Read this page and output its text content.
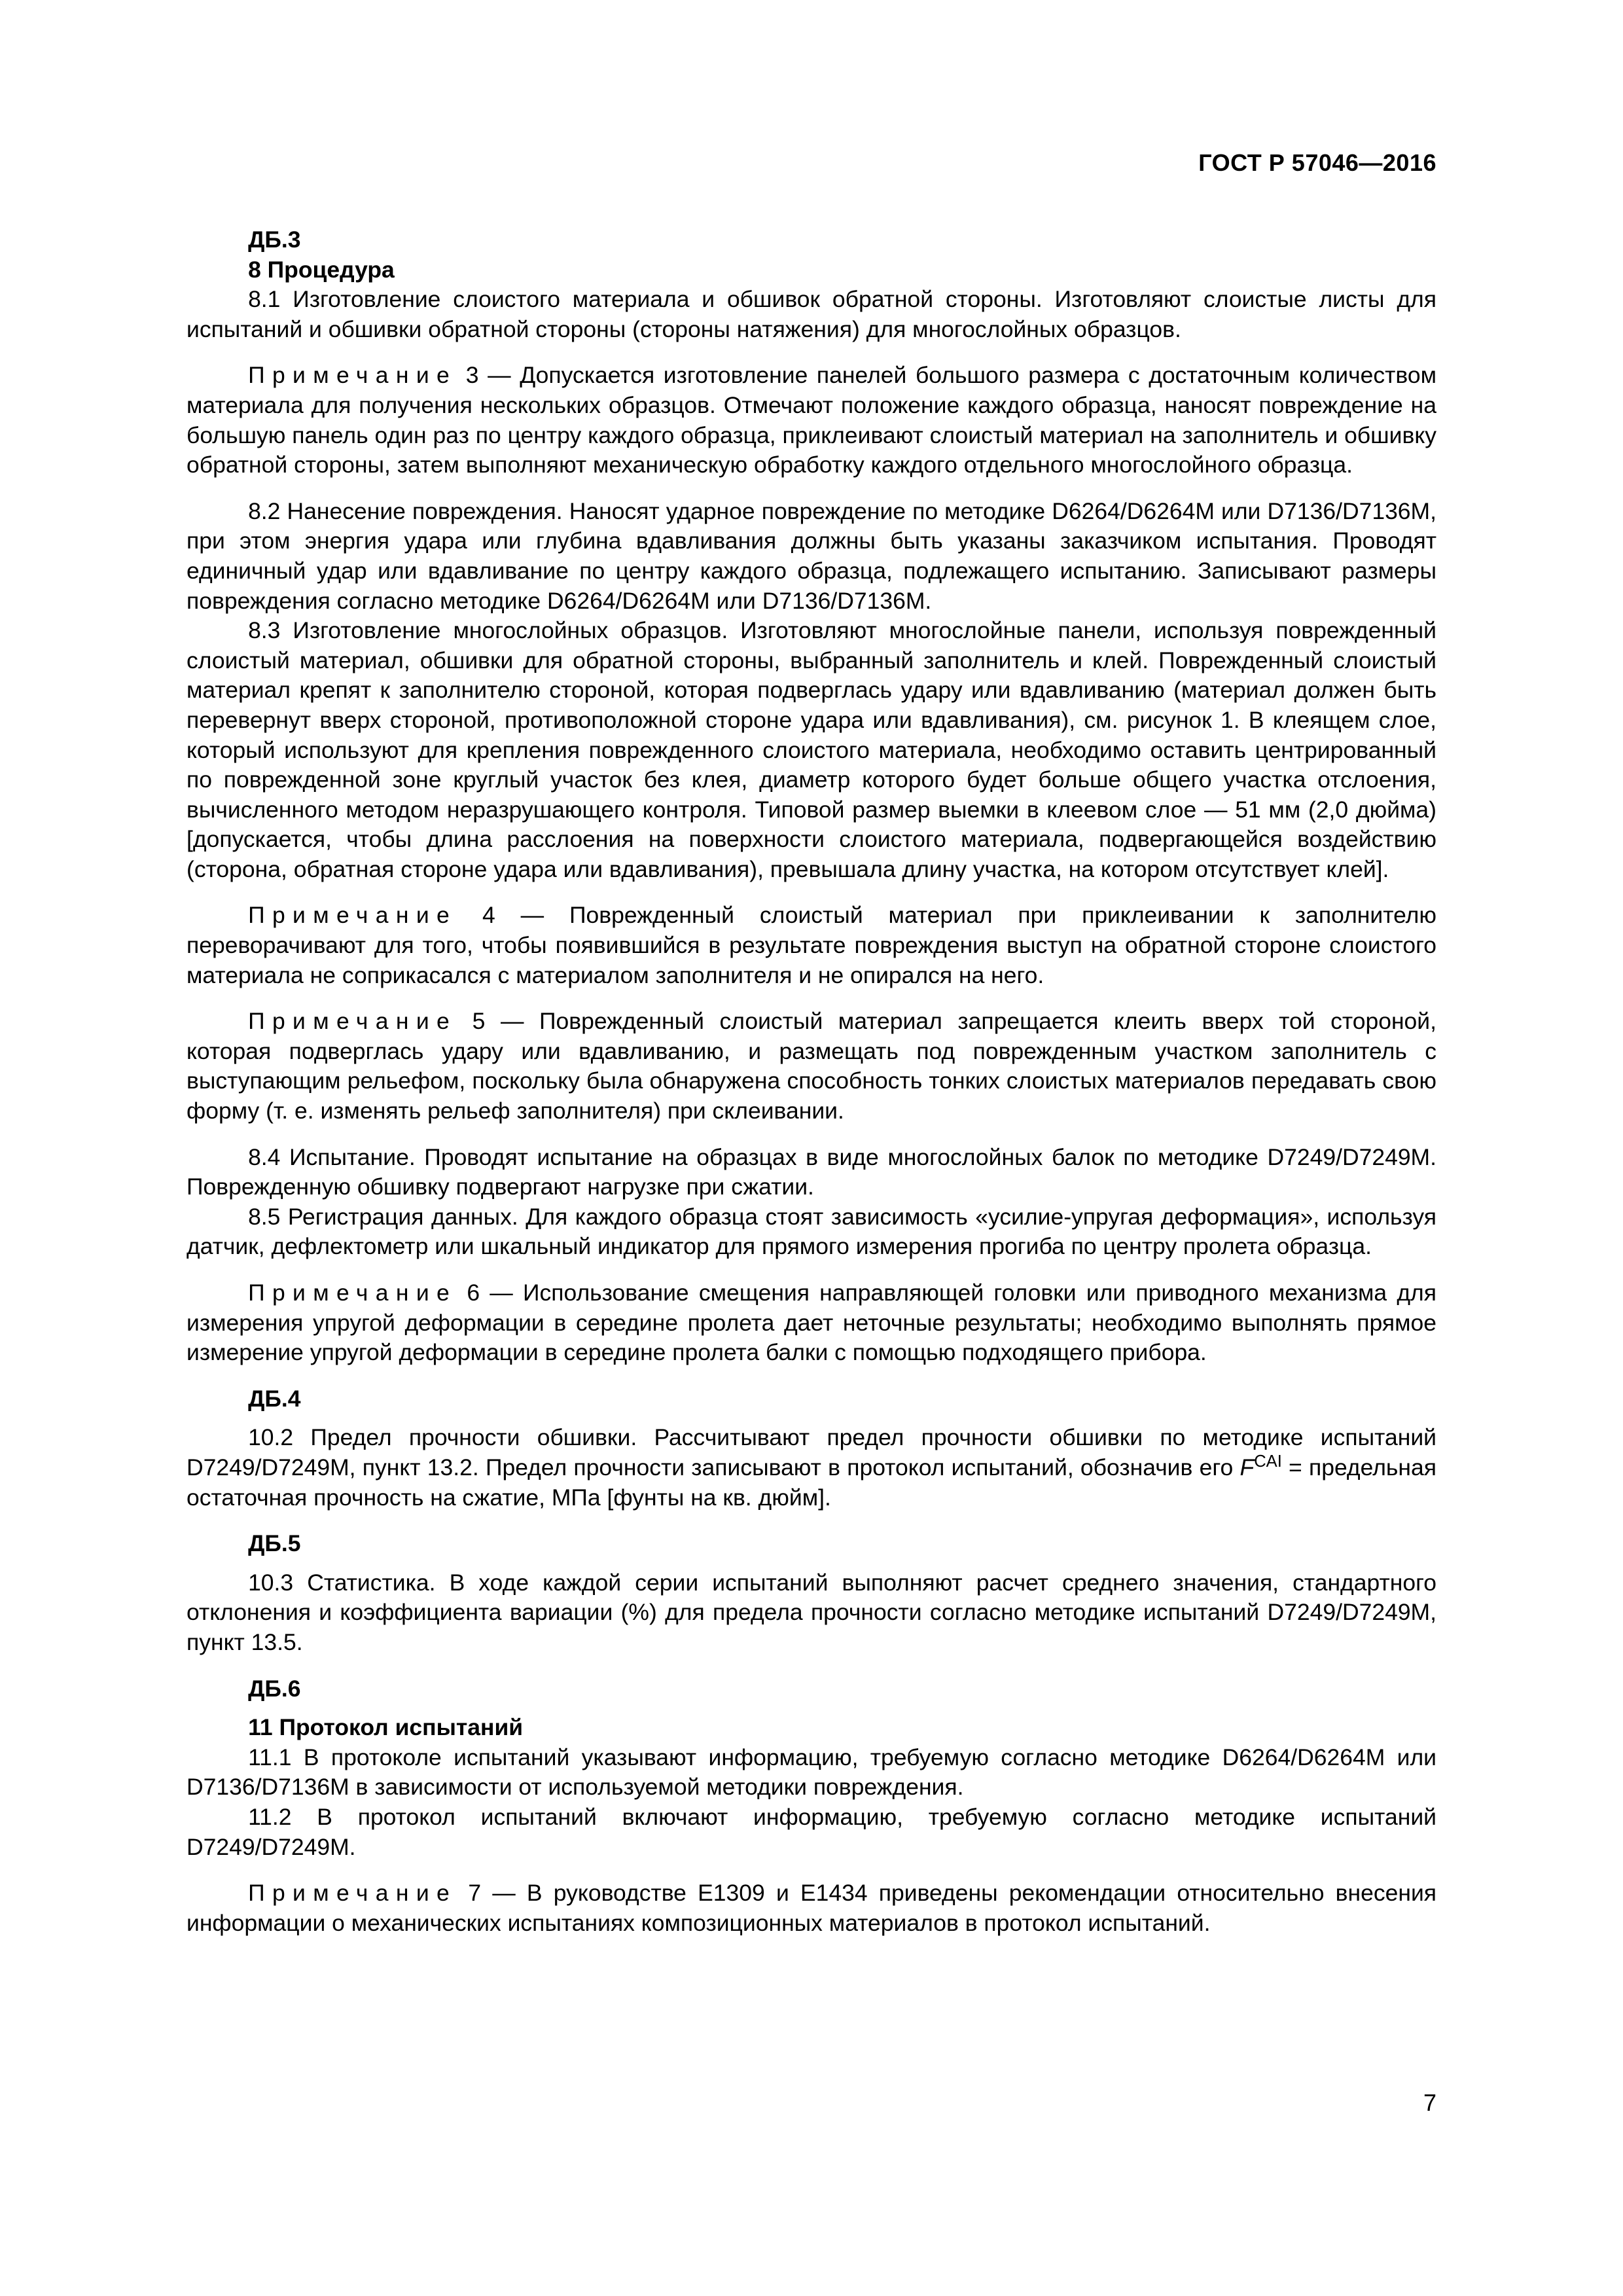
ГОСТ Р 57046—2016
ДБ.3
8 Процедура

8.1 Изготовление слоистого материала и обшивок обратной стороны. Изготовляют слоистые листы для испытаний и обшивки обратной стороны (стороны натяжения) для многослойных образцов.

Примечание 3 — Допускается изготовление панелей большого размера с достаточным количеством материала для получения нескольких образцов. Отмечают положение каждого образца, наносят повреждение на большую панель один раз по центру каждого образца, приклеивают слоистый материал на заполнитель и обшивку обратной стороны, затем выполняют механическую обработку каждого отдельного многослойного образца.

8.2 Нанесение повреждения. Наносят ударное повреждение по методике D6264/D6264M или D7136/D7136M, при этом энергия удара или глубина вдавливания должны быть указаны заказчиком испытания. Проводят единичный удар или вдавливание по центру каждого образца, подлежащего испытанию. Записывают размеры повреждения согласно методике D6264/D6264M или D7136/D7136M.

8.3 Изготовление многослойных образцов. Изготовляют многослойные панели, используя поврежденный слоистый материал, обшивки для обратной стороны, выбранный заполнитель и клей. Поврежденный слоистый материал крепят к заполнителю стороной, которая подверглась удару или вдавливанию (материал должен быть перевернут вверх стороной, противоположной стороне удара или вдавливания), см. рисунок 1. В клеящем слое, который используют для крепления поврежденного слоистого материала, необходимо оставить центрированный по поврежденной зоне круглый участок без клея, диаметр которого будет больше общего участка отслоения, вычисленного методом неразрушающего контроля. Типовой размер выемки в клеевом слое — 51 мм (2,0 дюйма) [допускается, чтобы длина расслоения на поверхности слоистого материала, подвергающейся воздействию (сторона, обратная стороне удара или вдавливания), превышала длину участка, на котором отсутствует клей].

Примечание 4 — Поврежденный слоистый материал при приклеивании к заполнителю переворачивают для того, чтобы появившийся в результате повреждения выступ на обратной стороне слоистого материала не соприкасался с материалом заполнителя и не опирался на него.

Примечание 5 — Поврежденный слоистый материал запрещается клеить вверх той стороной, которая подверглась удару или вдавливанию, и размещать под поврежденным участком заполнитель с выступающим рельефом, поскольку была обнаружена способность тонких слоистых материалов передавать свою форму (т. е. изменять рельеф заполнителя) при склеивании.

8.4 Испытание. Проводят испытание на образцах в виде многослойных балок по методике D7249/D7249M. Поврежденную обшивку подвергают нагрузке при сжатии.

8.5 Регистрация данных. Для каждого образца стоят зависимость «усилие-упругая деформация», используя датчик, дефлектометр или шкальный индикатор для прямого измерения прогиба по центру пролета образца.

Примечание 6 — Использование смещения направляющей головки или приводного механизма для измерения упругой деформации в середине пролета дает неточные результаты; необходимо выполнять прямое измерение упругой деформации в середине пролета балки с помощью подходящего прибора.

ДБ.4

10.2 Предел прочности обшивки. Рассчитывают предел прочности обшивки по методике испытаний D7249/D7249M, пункт 13.2. Предел прочности записывают в протокол испытаний, обозначив его $F^{CAI}$ = предельная остаточная прочность на сжатие, МПа [фунты на кв. дюйм].

ДБ.5

10.3 Статистика. В ходе каждой серии испытаний выполняют расчет среднего значения, стандартного отклонения и коэффициента вариации (%) для предела прочности согласно методике испытаний D7249/D7249M, пункт 13.5.

ДБ.6
11 Протокол испытаний

11.1 В протоколе испытаний указывают информацию, требуемую согласно методике D6264/D6264M или D7136/D7136M в зависимости от используемой методики повреждения.

11.2 В протокол испытаний включают информацию, требуемую согласно методике испытаний D7249/D7249M.

Примечание 7 — В руководстве E1309 и E1434 приведены рекомендации относительно внесения информации о механических испытаниях композиционных материалов в протокол испытаний.

7
